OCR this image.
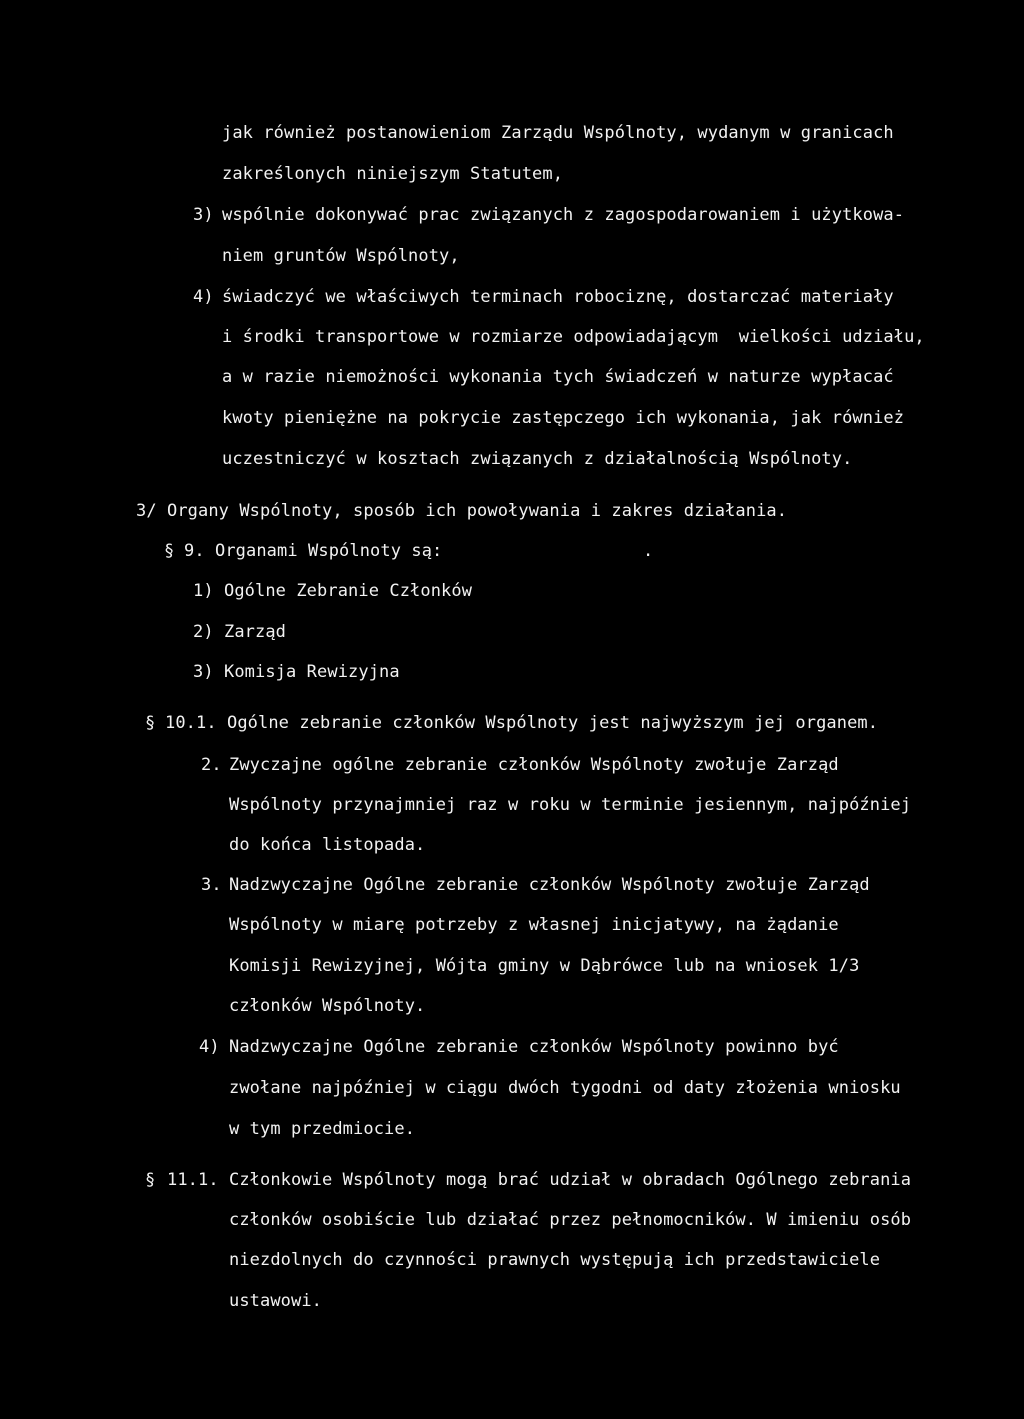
jak również postanowieniom Zarządu Wspólnoty, wydanym w granicach

zakreślonych niniejszym Statutem,

3) wspólnie dokonywać prac związanych z zagospodarowaniem i użytkowa-

niem gruntów Wspólnoty,

4) świadczyć we właściwych terminach robociznę, dostarczać materiały

i środki transportowe w rozmiarze odpowiadającym  wielkości udziału,

a w razie niemożności wykonania tych świadczeń w naturze wypłacać

kwoty pieniężne na pokrycie zastępczego ich wykonania, jak również

uczestniczyć w kosztach związanych z działalnością Wspólnoty.

3/ Organy Wspólnoty, sposób ich powoływania i zakres działania.

§ 9. Organami Wspólnoty są:	.

1) Ogólne Zebranie Członków

2) Zarząd

3) Komisja Rewizyjna

§ 10.1. Ogólne zebranie członków Wspólnoty jest najwyższym jej organem.

2. Zwyczajne ogólne zebranie członków Wspólnoty zwołuje Zarząd

Wspólnoty przynajmniej raz w roku w terminie jesiennym, najpóźniej

do końca listopada.

3. Nadzwyczajne Ogólne zebranie członków Wspólnoty zwołuje Zarząd

Wspólnoty w miarę potrzeby z własnej inicjatywy, na żądanie

Komisji Rewizyjnej, Wójta gminy w Dąbrówce lub na wniosek 1/3

członków Wspólnoty.

4) Nadzwyczajne Ogólne zebranie członków Wspólnoty powinno być

zwołane najpóźniej w ciągu dwóch tygodni od daty złożenia wniosku

w tym przedmiocie.

§ 11.1. Członkowie Wspólnoty mogą brać udział w obradach Ogólnego zebrania

członków osobiście lub działać przez pełnomocników. W imieniu osób

niezdolnych do czynności prawnych występują ich przedstawiciele

ustawowi.
